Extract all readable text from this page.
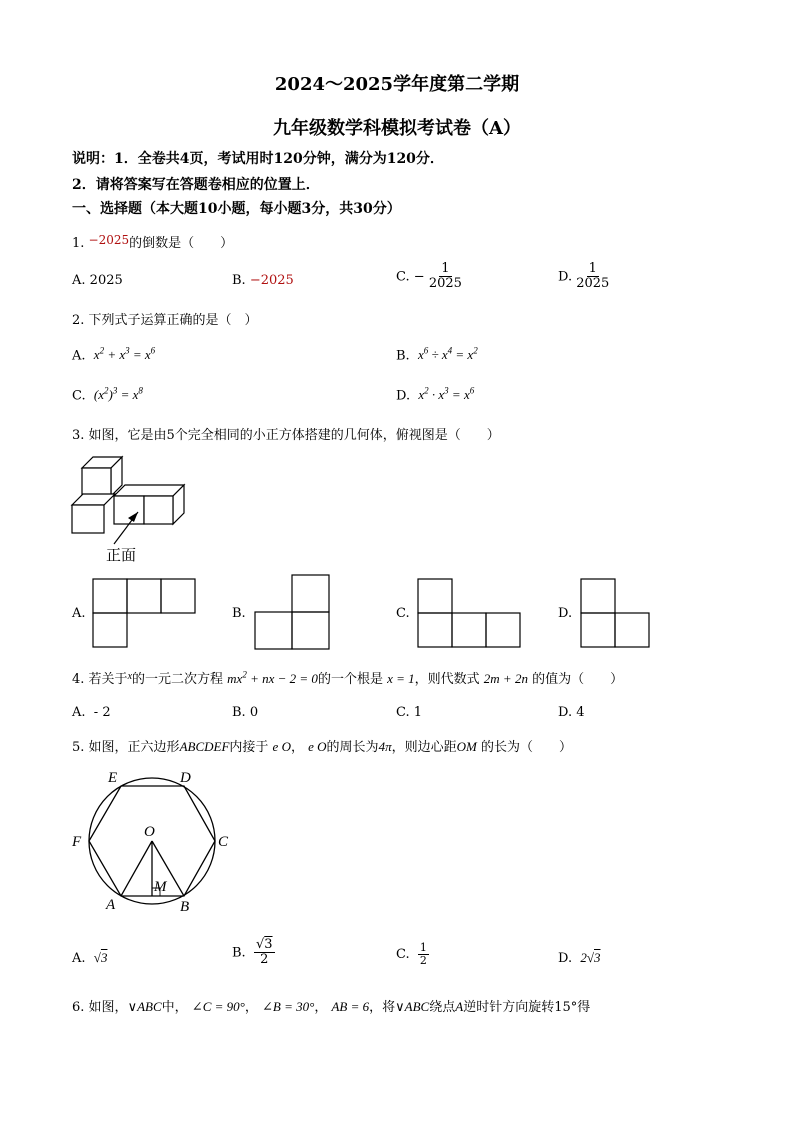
2024～2025学年度第二学期
九年级数学科模拟考试卷（A）
说明：1．全卷共4页，考试用时120分钟，满分为120分．
2．请将答案写在答题卷相应的位置上．
一、选择题（本大题10小题，每小题3分，共30分）
1. −2025的倒数是（　　）
A. 2025	B. −2025	C. − $\frac{1}{2025}$	D. $\frac{1}{2025}$
2. 下列式子运算正确的是（　）
A. $x^2 + x^3 = x^6$	B. $x^6 \div x^4 = x^2$
C. $(x^2)^3 = x^8$	D. $x^2 \cdot x^3 = x^6$
3. 如图，它是由5个完全相同的小正方体搭建的几何体，俯视图是（　　）
正面
A.	B.	C.	D.
4. 若关于$^x$的一元二次方程 $mx^2$ + nx − 2 = 0的一个根是 x = 1，则代数式 2m + 2n 的值为（　　）
A. - 2	B. 0	C. 1	D. 4
5. 如图，正六边形ABCDEF内接于 e O， e O的周长为4π，则边心距OM 的长为（　　）
E	D
F	C
O
M
A	B
A. √3	B. $\frac{√3}{2}$	C. $\frac{1}{2}$	D. 2√3
6. 如图，∨ABC中， ∠C = 90°， ∠B = 30°， AB = 6，将∨ABC绕点A逆时针方向旋转15°得
